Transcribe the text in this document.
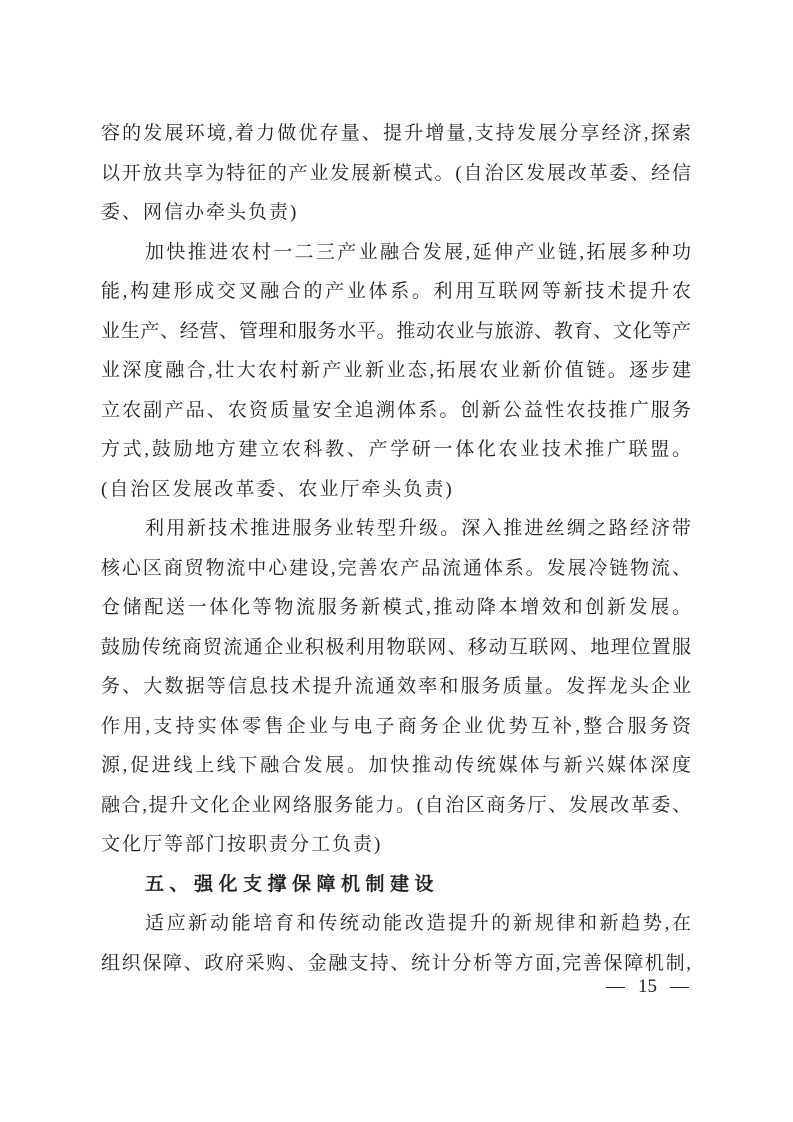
容的发展环境,着力做优存量、提升增量,支持发展分享经济,探索
以开放共享为特征的产业发展新模式。(自治区发展改革委、经信
委、网信办牵头负责)
加快推进农村一二三产业融合发展,延伸产业链,拓展多种功
能,构建形成交叉融合的产业体系。利用互联网等新技术提升农
业生产、经营、管理和服务水平。推动农业与旅游、教育、文化等产
业深度融合,壮大农村新产业新业态,拓展农业新价值链。逐步建
立农副产品、农资质量安全追溯体系。创新公益性农技推广服务
方式,鼓励地方建立农科教、产学研一体化农业技术推广联盟。
(自治区发展改革委、农业厅牵头负责)
利用新技术推进服务业转型升级。深入推进丝绸之路经济带
核心区商贸物流中心建设,完善农产品流通体系。发展冷链物流、
仓储配送一体化等物流服务新模式,推动降本增效和创新发展。
鼓励传统商贸流通企业积极利用物联网、移动互联网、地理位置服
务、大数据等信息技术提升流通效率和服务质量。发挥龙头企业
作用,支持实体零售企业与电子商务企业优势互补,整合服务资
源,促进线上线下融合发展。加快推动传统媒体与新兴媒体深度
融合,提升文化企业网络服务能力。(自治区商务厅、发展改革委、
文化厅等部门按职责分工负责)
五、强化支撑保障机制建设
适应新动能培育和传统动能改造提升的新规律和新趋势,在
组织保障、政府采购、金融支持、统计分析等方面,完善保障机制,
— 15 —
